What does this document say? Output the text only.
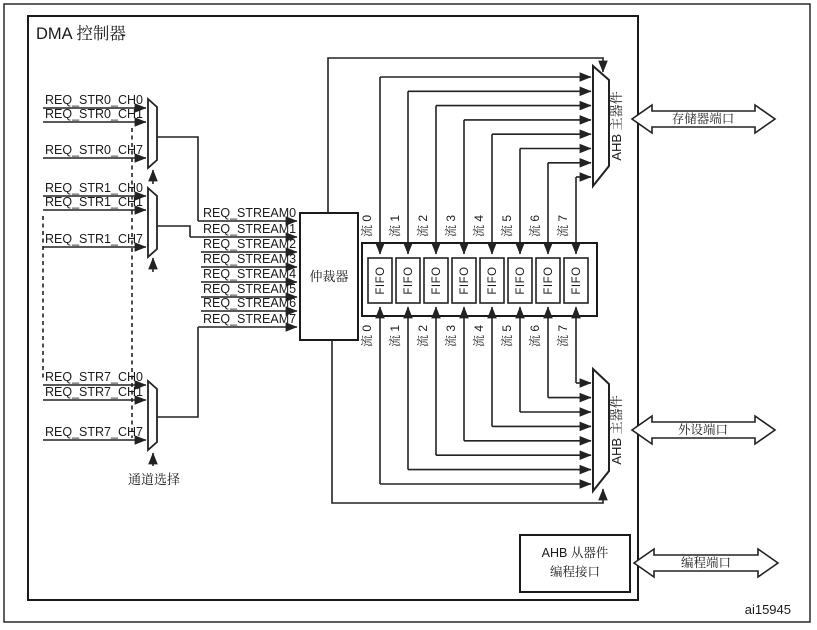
DMA 控制器
REQ_STR0_CH0
REQ_STR0_CH1
REQ_STR0_CH7
REQ_STR1_CH0
REQ_STR1_CH1
REQ_STR1_CH7
REQ_STR7_CH0
REQ_STR7_CH1
REQ_STR7_CH7
REQ_STREAM0
REQ_STREAM1
REQ_STREAM2
REQ_STREAM3
REQ_STREAM4
REQ_STREAM5
REQ_STREAM6
REQ_STREAM7
仲裁器
流 0 流 1 流 2 流 3 流 4 流 5 流 6 流 7
流 0 流 1 流 2 流 3 流 4 流 5 流 6 流 7
FIFO FIFO FIFO FIFO FIFO FIFO FIFO FIFO
AHB 主器件
AHB 主器件
AHB 从器件
编程接口
存储器端口
外设端口
编程端口
通道选择
ai15945
